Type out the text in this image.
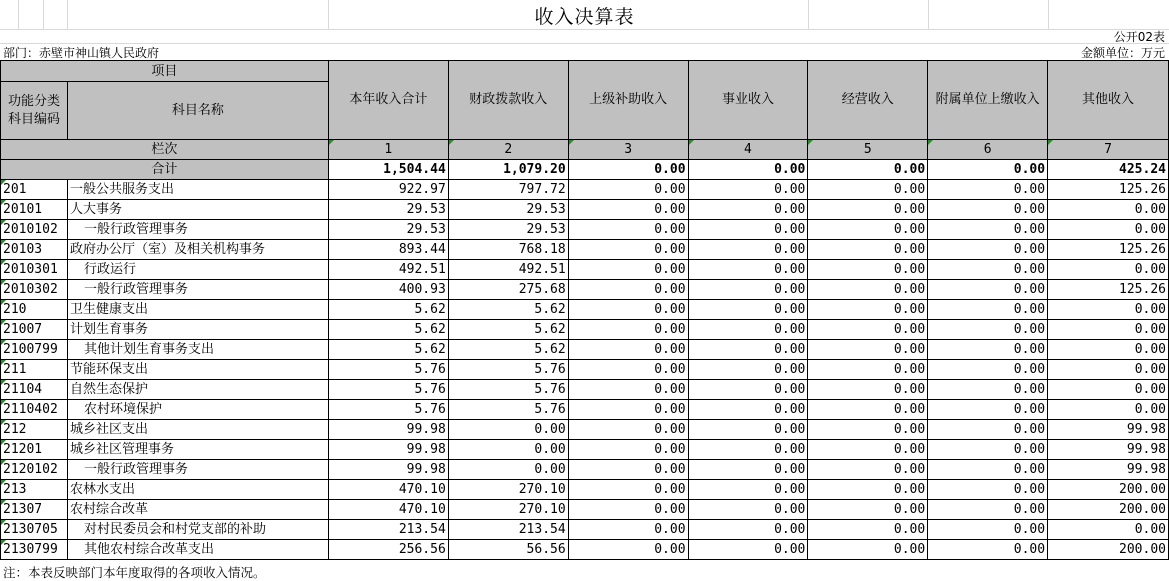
收入决算表
公开02表
部门：赤壁市神山镇人民政府	金额单位：万元
项目		本年收入合计	财政拨款收入	上级补助收入	事业收入	经营收入	附属单位上缴收入	其他收入
功能分类科目编码	科目名称							
栏次		1	2	3	4	5	6	7
合计		1,504.44	1,079.20	0.00	0.00	0.00	0.00	425.24
201	一般公共服务支出	922.97	797.72	0.00	0.00	0.00	0.00	125.26
20101	人大事务	29.53	29.53	0.00	0.00	0.00	0.00	0.00
2010102	一般行政管理事务	29.53	29.53	0.00	0.00	0.00	0.00	0.00
20103	政府办公厅（室）及相关机构事务	893.44	768.18	0.00	0.00	0.00	0.00	125.26
2010301	行政运行	492.51	492.51	0.00	0.00	0.00	0.00	0.00
2010302	一般行政管理事务	400.93	275.68	0.00	0.00	0.00	0.00	125.26
210	卫生健康支出	5.62	5.62	0.00	0.00	0.00	0.00	0.00
21007	计划生育事务	5.62	5.62	0.00	0.00	0.00	0.00	0.00
2100799	其他计划生育事务支出	5.62	5.62	0.00	0.00	0.00	0.00	0.00
211	节能环保支出	5.76	5.76	0.00	0.00	0.00	0.00	0.00
21104	自然生态保护	5.76	5.76	0.00	0.00	0.00	0.00	0.00
2110402	农村环境保护	5.76	5.76	0.00	0.00	0.00	0.00	0.00
212	城乡社区支出	99.98	0.00	0.00	0.00	0.00	0.00	99.98
21201	城乡社区管理事务	99.98	0.00	0.00	0.00	0.00	0.00	99.98
2120102	一般行政管理事务	99.98	0.00	0.00	0.00	0.00	0.00	99.98
213	农林水支出	470.10	270.10	0.00	0.00	0.00	0.00	200.00
21307	农村综合改革	470.10	270.10	0.00	0.00	0.00	0.00	200.00
2130705	对村民委员会和村党支部的补助	213.54	213.54	0.00	0.00	0.00	0.00	0.00
2130799	其他农村综合改革支出	256.56	56.56	0.00	0.00	0.00	0.00	200.00
注：本表反映部门本年度取得的各项收入情况。
